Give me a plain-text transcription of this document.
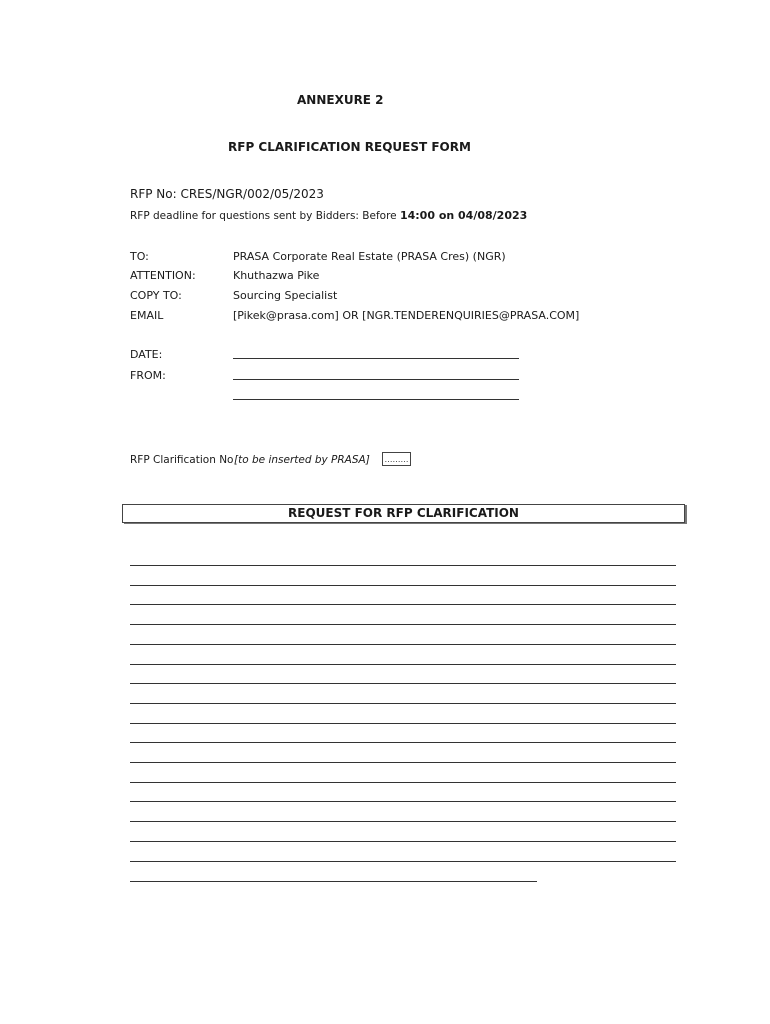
ANNEXURE 2
RFP CLARIFICATION REQUEST FORM
RFP No: CRES/NGR/002/05/2023
RFP deadline for questions sent by Bidders: Before 14:00 on 04/08/2023
TO:	PRASA Corporate Real Estate (PRASA Cres) (NGR)
ATTENTION:	Khuthazwa Pike
COPY TO:	Sourcing Specialist
EMAIL	[Pikek@prasa.com] OR [NGR.TENDERENQUIRIES@PRASA.COM]
DATE:
FROM:
RFP Clarification No [to be inserted by PRASA]	………
REQUEST FOR RFP CLARIFICATION
